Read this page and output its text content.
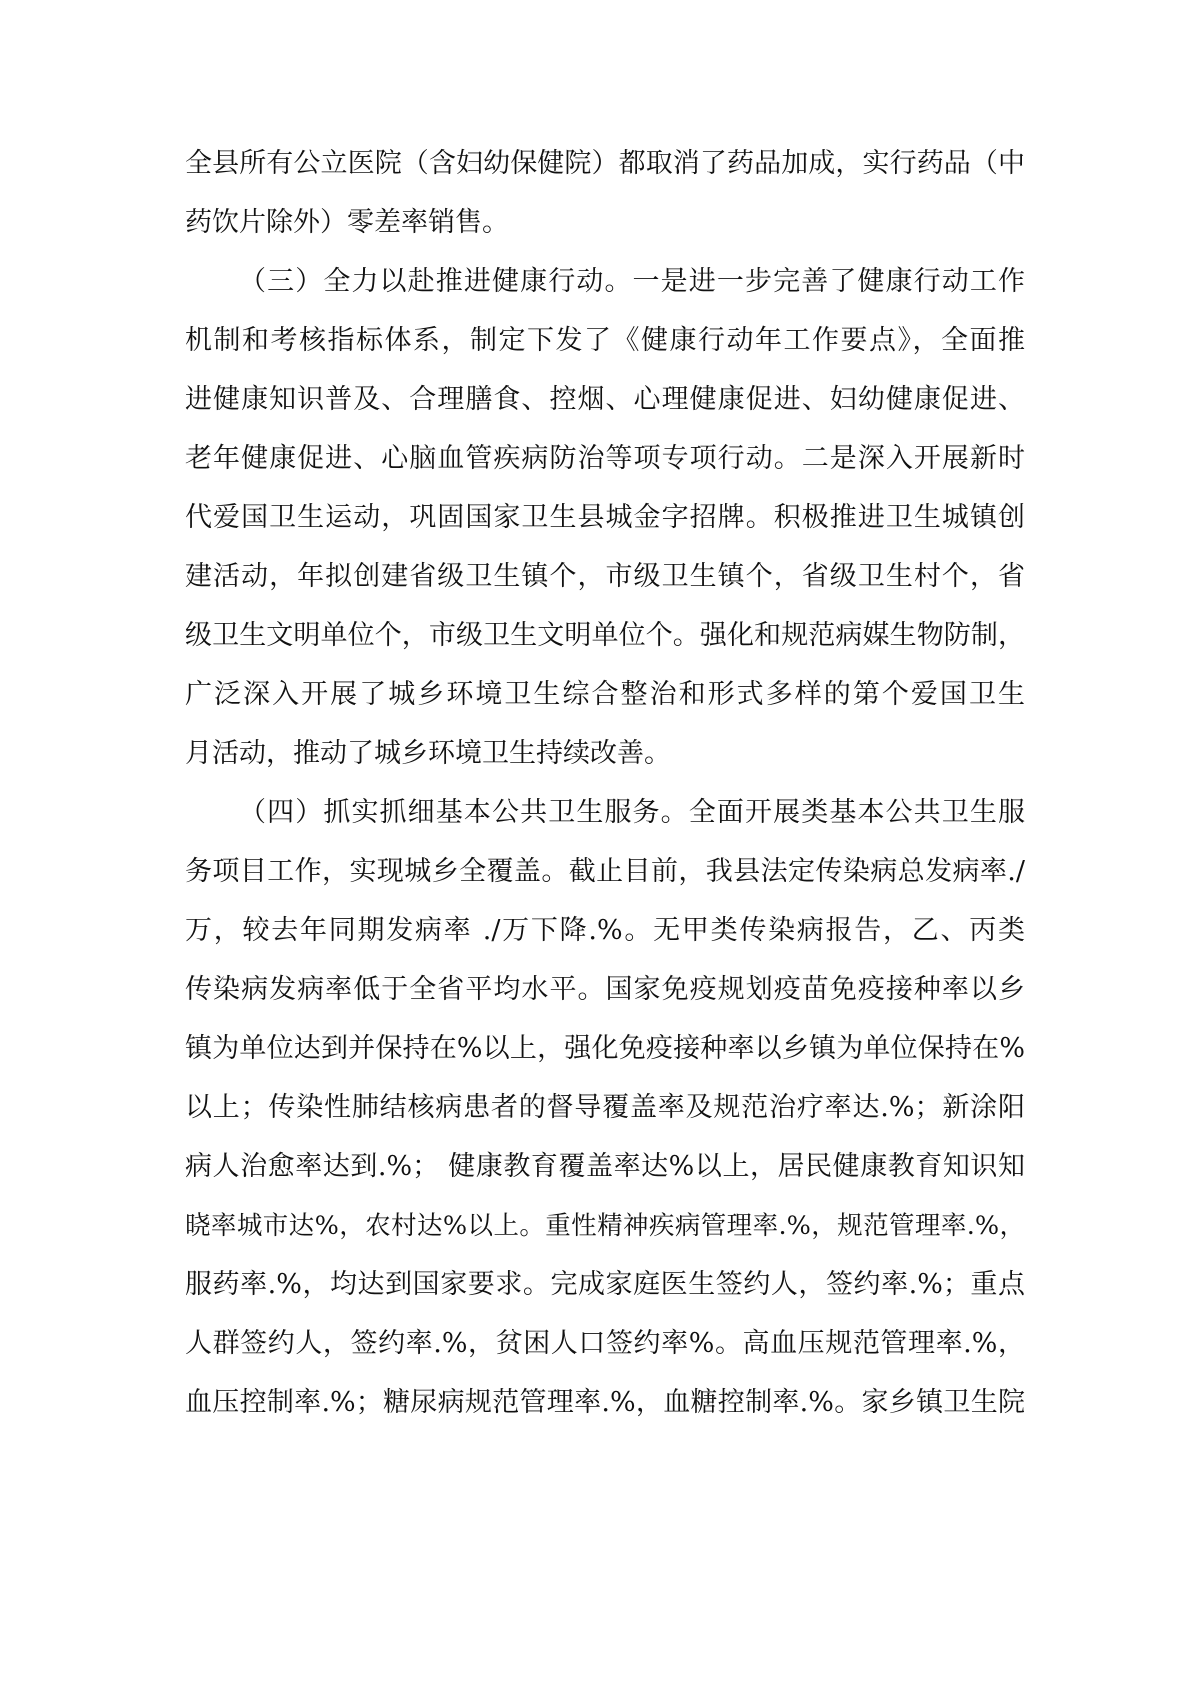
全县所有公立医院（含妇幼保健院）都取消了药品加成，实行药品（中

药饮片除外）零差率销售。

（三）全力以赴推进健康行动。一是进一步完善了健康行动工作

机制和考核指标体系，制定下发了《健康行动年工作要点》，全面推

进健康知识普及、合理膳食、控烟、心理健康促进、妇幼健康促进、

老年健康促进、心脑血管疾病防治等项专项行动。二是深入开展新时

代爱国卫生运动，巩固国家卫生县城金字招牌。积极推进卫生城镇创

建活动，年拟创建省级卫生镇个，市级卫生镇个，省级卫生村个，省

级卫生文明单位个，市级卫生文明单位个。强化和规范病媒生物防制，

广泛深入开展了城乡环境卫生综合整治和形式多样的第个爱国卫生

月活动，推动了城乡环境卫生持续改善。

（四）抓实抓细基本公共卫生服务。全面开展类基本公共卫生服

务项目工作，实现城乡全覆盖。截止目前，我县法定传染病总发病率./

万，较去年同期发病率 ./万下降.%。无甲类传染病报告，乙、丙类

传染病发病率低于全省平均水平。国家免疫规划疫苗免疫接种率以乡

镇为单位达到并保持在%以上，强化免疫接种率以乡镇为单位保持在%

以上；传染性肺结核病患者的督导覆盖率及规范治疗率达.%；新涂阳

病人治愈率达到.%； 健康教育覆盖率达%以上，居民健康教育知识知

晓率城市达%，农村达%以上。重性精神疾病管理率.%，规范管理率.%，

服药率.%，均达到国家要求。完成家庭医生签约人，签约率.%；重点

人群签约人，签约率.%，贫困人口签约率%。高血压规范管理率.%，

血压控制率.%；糖尿病规范管理率.%，血糖控制率.%。家乡镇卫生院
